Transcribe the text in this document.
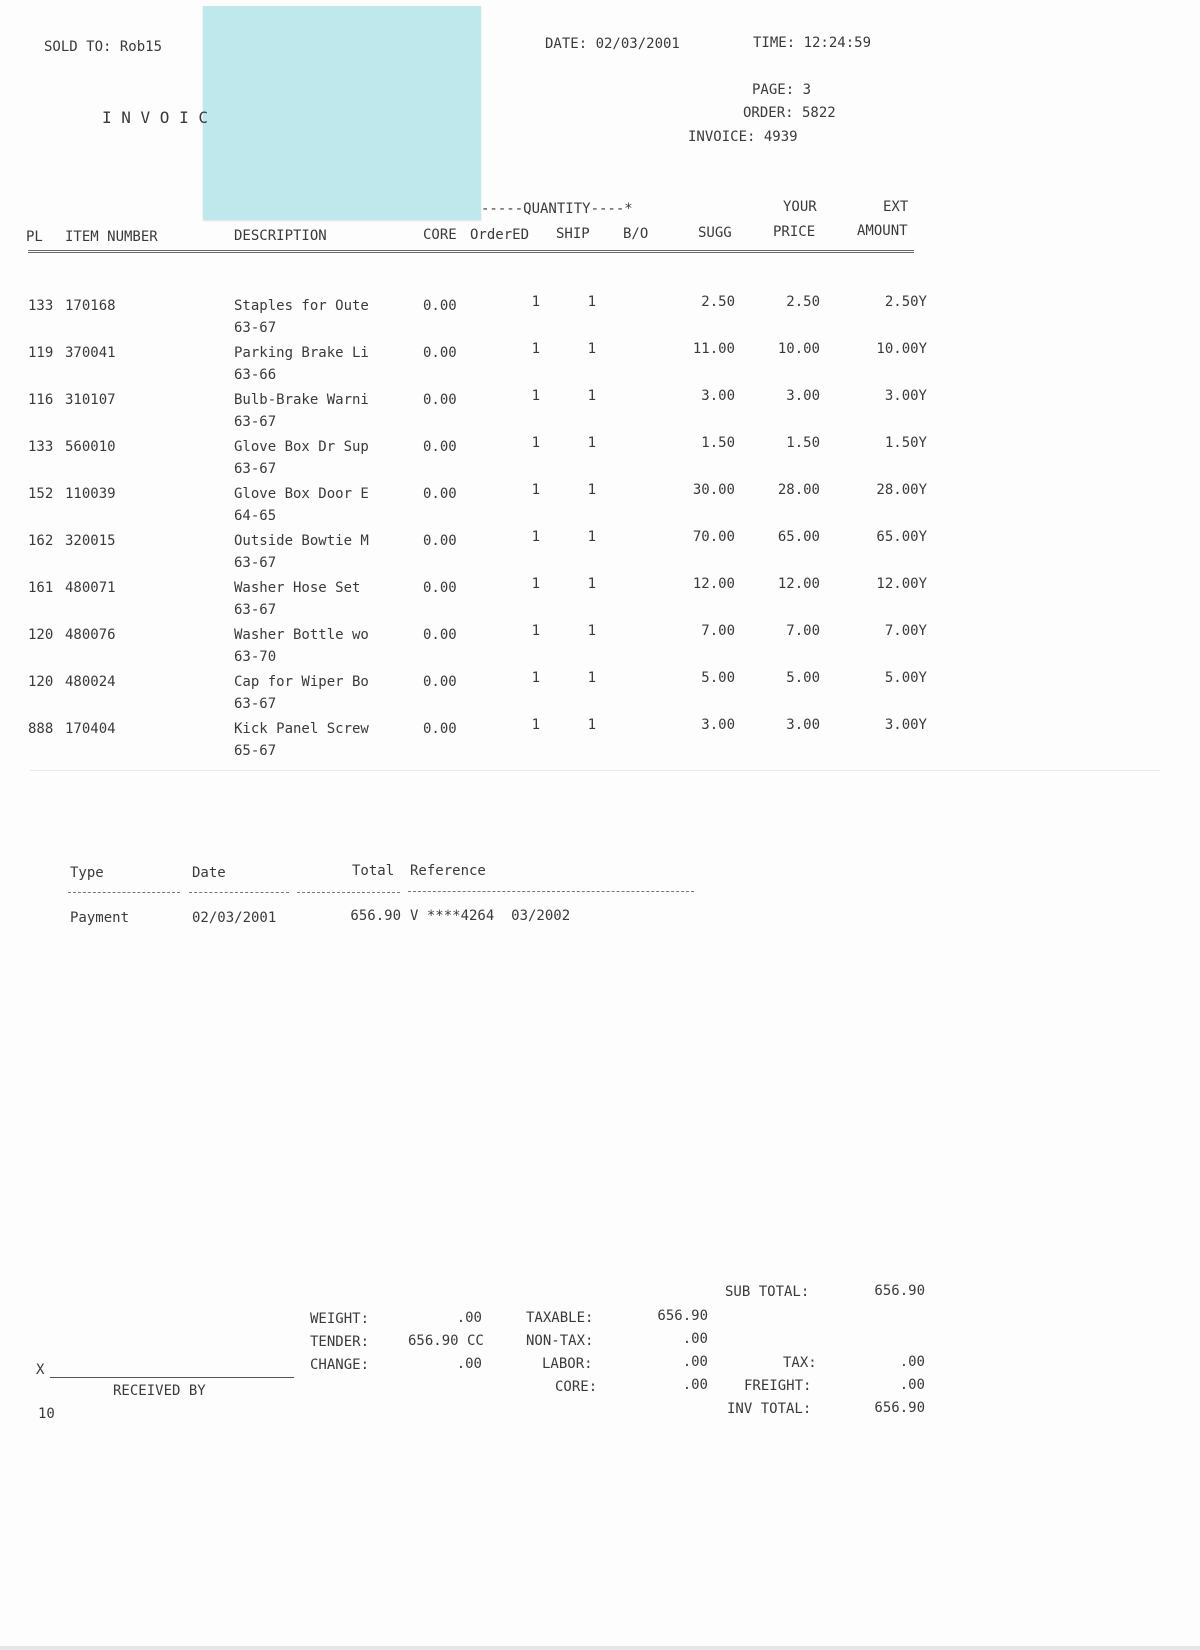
SOLD TO: Rob15	DATE: 02/03/2001	TIME: 12:24:59
I N V O I C
PAGE: 3
ORDER: 5822
INVOICE: 4939
-----QUANTITY----*	YOUR	EXT
PL ITEM NUMBER	DESCRIPTION	CORE OrderED SHIP B/O	SUGG	PRICE	AMOUNT
133 170168	Staples for Oute	0.00	1	1	2.50	2.50	2.50Y
63-67
119 370041	Parking Brake Li	0.00	1	1	11.00	10.00	10.00Y
63-66
116 310107	Bulb-Brake Warni	0.00	1	1	3.00	3.00	3.00Y
63-67
133 560010	Glove Box Dr Sup	0.00	1	1	1.50	1.50	1.50Y
63-67
152 110039	Glove Box Door E	0.00	1	1	30.00	28.00	28.00Y
64-65
162 320015	Outside Bowtie M	0.00	1	1	70.00	65.00	65.00Y
63-67
161 480071	Washer Hose Set	0.00	1	1	12.00	12.00	12.00Y
63-67
120 480076	Washer Bottle wo	0.00	1	1	7.00	7.00	7.00Y
63-70
120 480024	Cap for Wiper Bo	0.00	1	1	5.00	5.00	5.00Y
63-67
888 170404	Kick Panel Screw	0.00	1	1	3.00	3.00	3.00Y
65-67
Type	Date	Total Reference
Payment	02/03/2001	656.90 V ****4264  03/2002
SUB TOTAL:	656.90
WEIGHT:	.00
TENDER:	656.90 CC
CHANGE:	.00
TAXABLE:	656.90
NON-TAX:	.00
LABOR:	.00
CORE:	.00
TAX:	.00
FREIGHT:	.00
INV TOTAL:	656.90
X
RECEIVED BY
10
